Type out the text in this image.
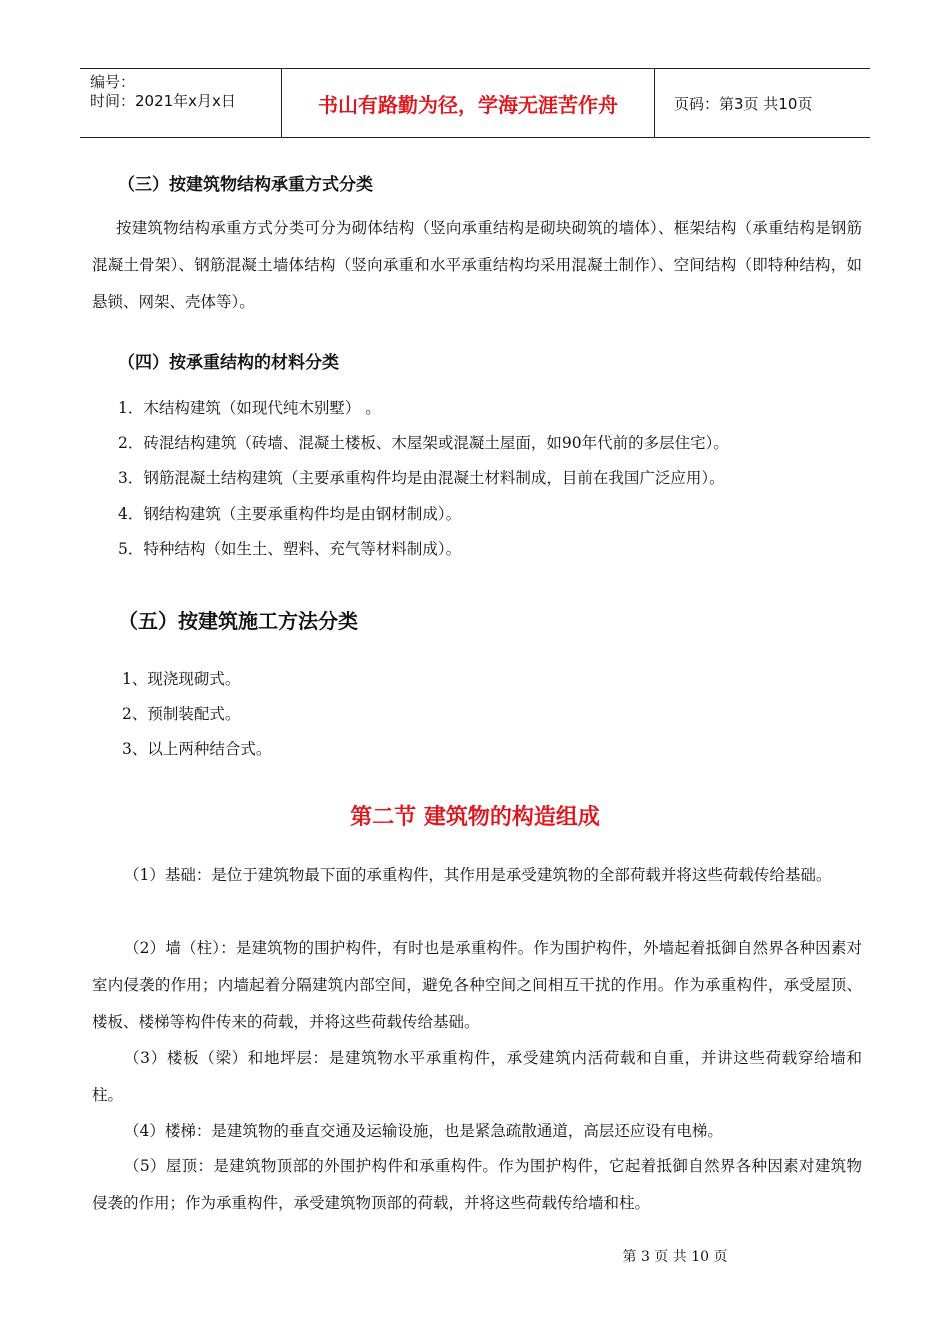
编号：
时间：2021年x月x日	书山有路勤为径，学海无涯苦作舟	页码：第3页 共10页
（三）按建筑物结构承重方式分类
按建筑物结构承重方式分类可分为砌体结构（竖向承重结构是砌块砌筑的墙体）、框架结构（承重结构是钢筋混凝土骨架）、钢筋混凝土墙体结构（竖向承重和水平承重结构均采用混凝土制作）、空间结构（即特种结构，如悬锁、网架、壳体等）。
（四）按承重结构的材料分类
1．木结构建筑（如现代纯木别墅） 。
2．砖混结构建筑（砖墙、混凝土楼板、木屋架或混凝土屋面，如90年代前的多层住宅）。
3．钢筋混凝土结构建筑（主要承重构件均是由混凝土材料制成，目前在我国广泛应用）。
4．钢结构建筑（主要承重构件均是由钢材制成）。
5．特种结构（如生土、塑料、充气等材料制成）。
（五）按建筑施工方法分类
1、现浇现砌式。
2、预制装配式。
3、以上两种结合式。
第二节 建筑物的构造组成
（1）基础：是位于建筑物最下面的承重构件，其作用是承受建筑物的全部荷载并将这些荷载传给基础。
（2）墙（柱）：是建筑物的围护构件，有时也是承重构件。作为围护构件，外墙起着抵御自然界各种因素对室内侵袭的作用；内墙起着分隔建筑内部空间，避免各种空间之间相互干扰的作用。作为承重构件，承受屋顶、楼板、楼梯等构件传来的荷载，并将这些荷载传给基础。
（3）楼板（梁）和地坪层：是建筑物水平承重构件，承受建筑内活荷载和自重，并讲这些荷载穿给墙和柱。
（4）楼梯：是建筑物的垂直交通及运输设施，也是紧急疏散通道，高层还应设有电梯。
（5）屋顶：是建筑物顶部的外围护构件和承重构件。作为围护构件，它起着抵御自然界各种因素对建筑物侵袭的作用；作为承重构件，承受建筑物顶部的荷载，并将这些荷载传给墙和柱。
第 3 页 共 10 页
